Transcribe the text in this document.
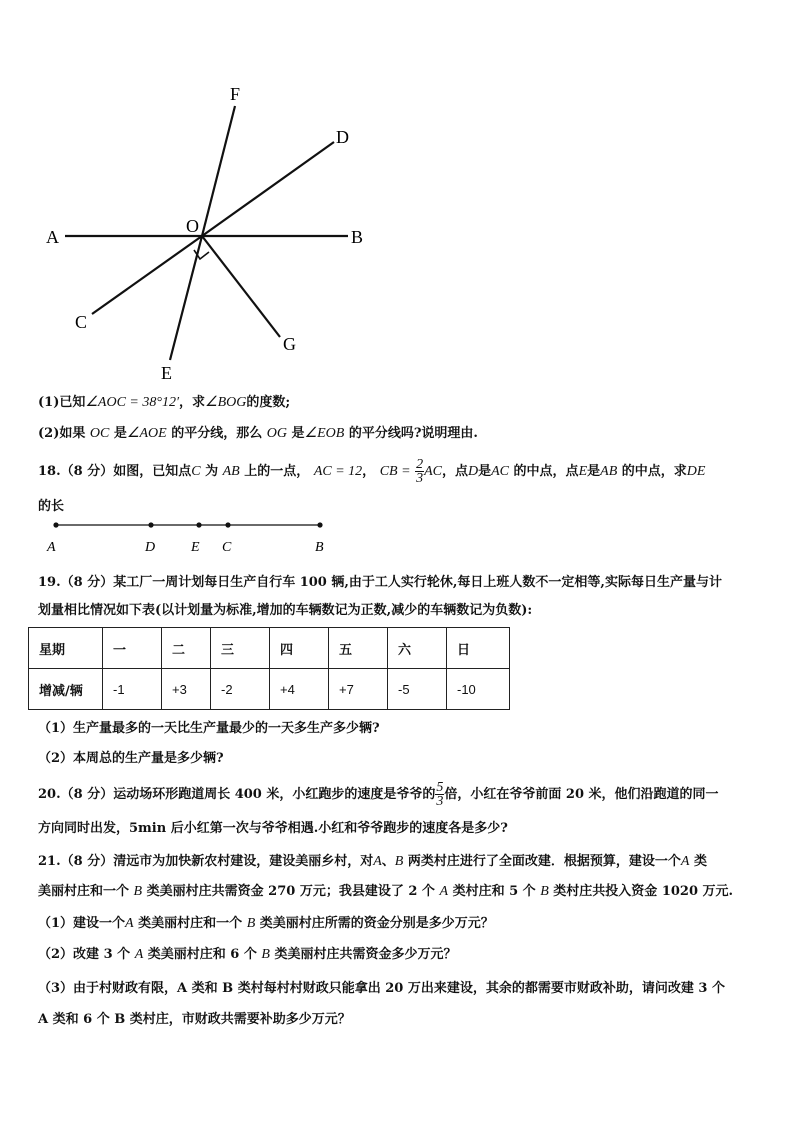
F
D
A
O
B
C
G
E
(1)已知∠AOC = 38°12′，求∠BOG的度数;
(2)如果 OC 是∠AOE 的平分线，那么 OG 是∠EOB 的平分线吗?说明理由.
18.（8 分）如图，已知点C 为 AB 上的一点， AC = 12， CB = $\frac{2}{3}$ AC，点D是AC 的中点，点E是AB 的中点，求DE
的长
A	D	E C	B
19.（8 分）某工厂一周计划每日生产自行车 100 辆,由于工人实行轮休,每日上班人数不一定相等,实际每日生产量与计
划量相比情况如下表(以计划量为标准,增加的车辆数记为正数,减少的车辆数记为负数):
星期	一	二	三	四	五	六	日
增减/辆	-1	+3	-2	+4	+7	-5	-10
（1）生产量最多的一天比生产量最少的一天多生产多少辆?
（2）本周总的生产量是多少辆?
20.（8 分）运动场环形跑道周长 400 米，小红跑步的速度是爷爷的 $\frac{5}{3}$ 倍，小红在爷爷前面 20 米，他们沿跑道的同一
方向同时出发，5min 后小红第一次与爷爷相遇.小红和爷爷跑步的速度各是多少?
21.（8 分）清远市为加快新农村建设，建设美丽乡村，对A、B 两类村庄进行了全面改建．根据预算，建设一个A 类
美丽村庄和一个 B 类美丽村庄共需资金 270 万元；我县建设了 2 个 A 类村庄和 5 个 B 类村庄共投入资金 1020 万元.
（1）建设一个A 类美丽村庄和一个 B 类美丽村庄所需的资金分别是多少万元？
（2）改建 3 个 A 类美丽村庄和 6 个 B 类美丽村庄共需资金多少万元？
（3）由于村财政有限，A 类和 B 类村每村村财政只能拿出 20 万出来建设，其余的都需要市财政补助，请问改建 3 个
A 类和 6 个 B 类村庄，市财政共需要补助多少万元？
